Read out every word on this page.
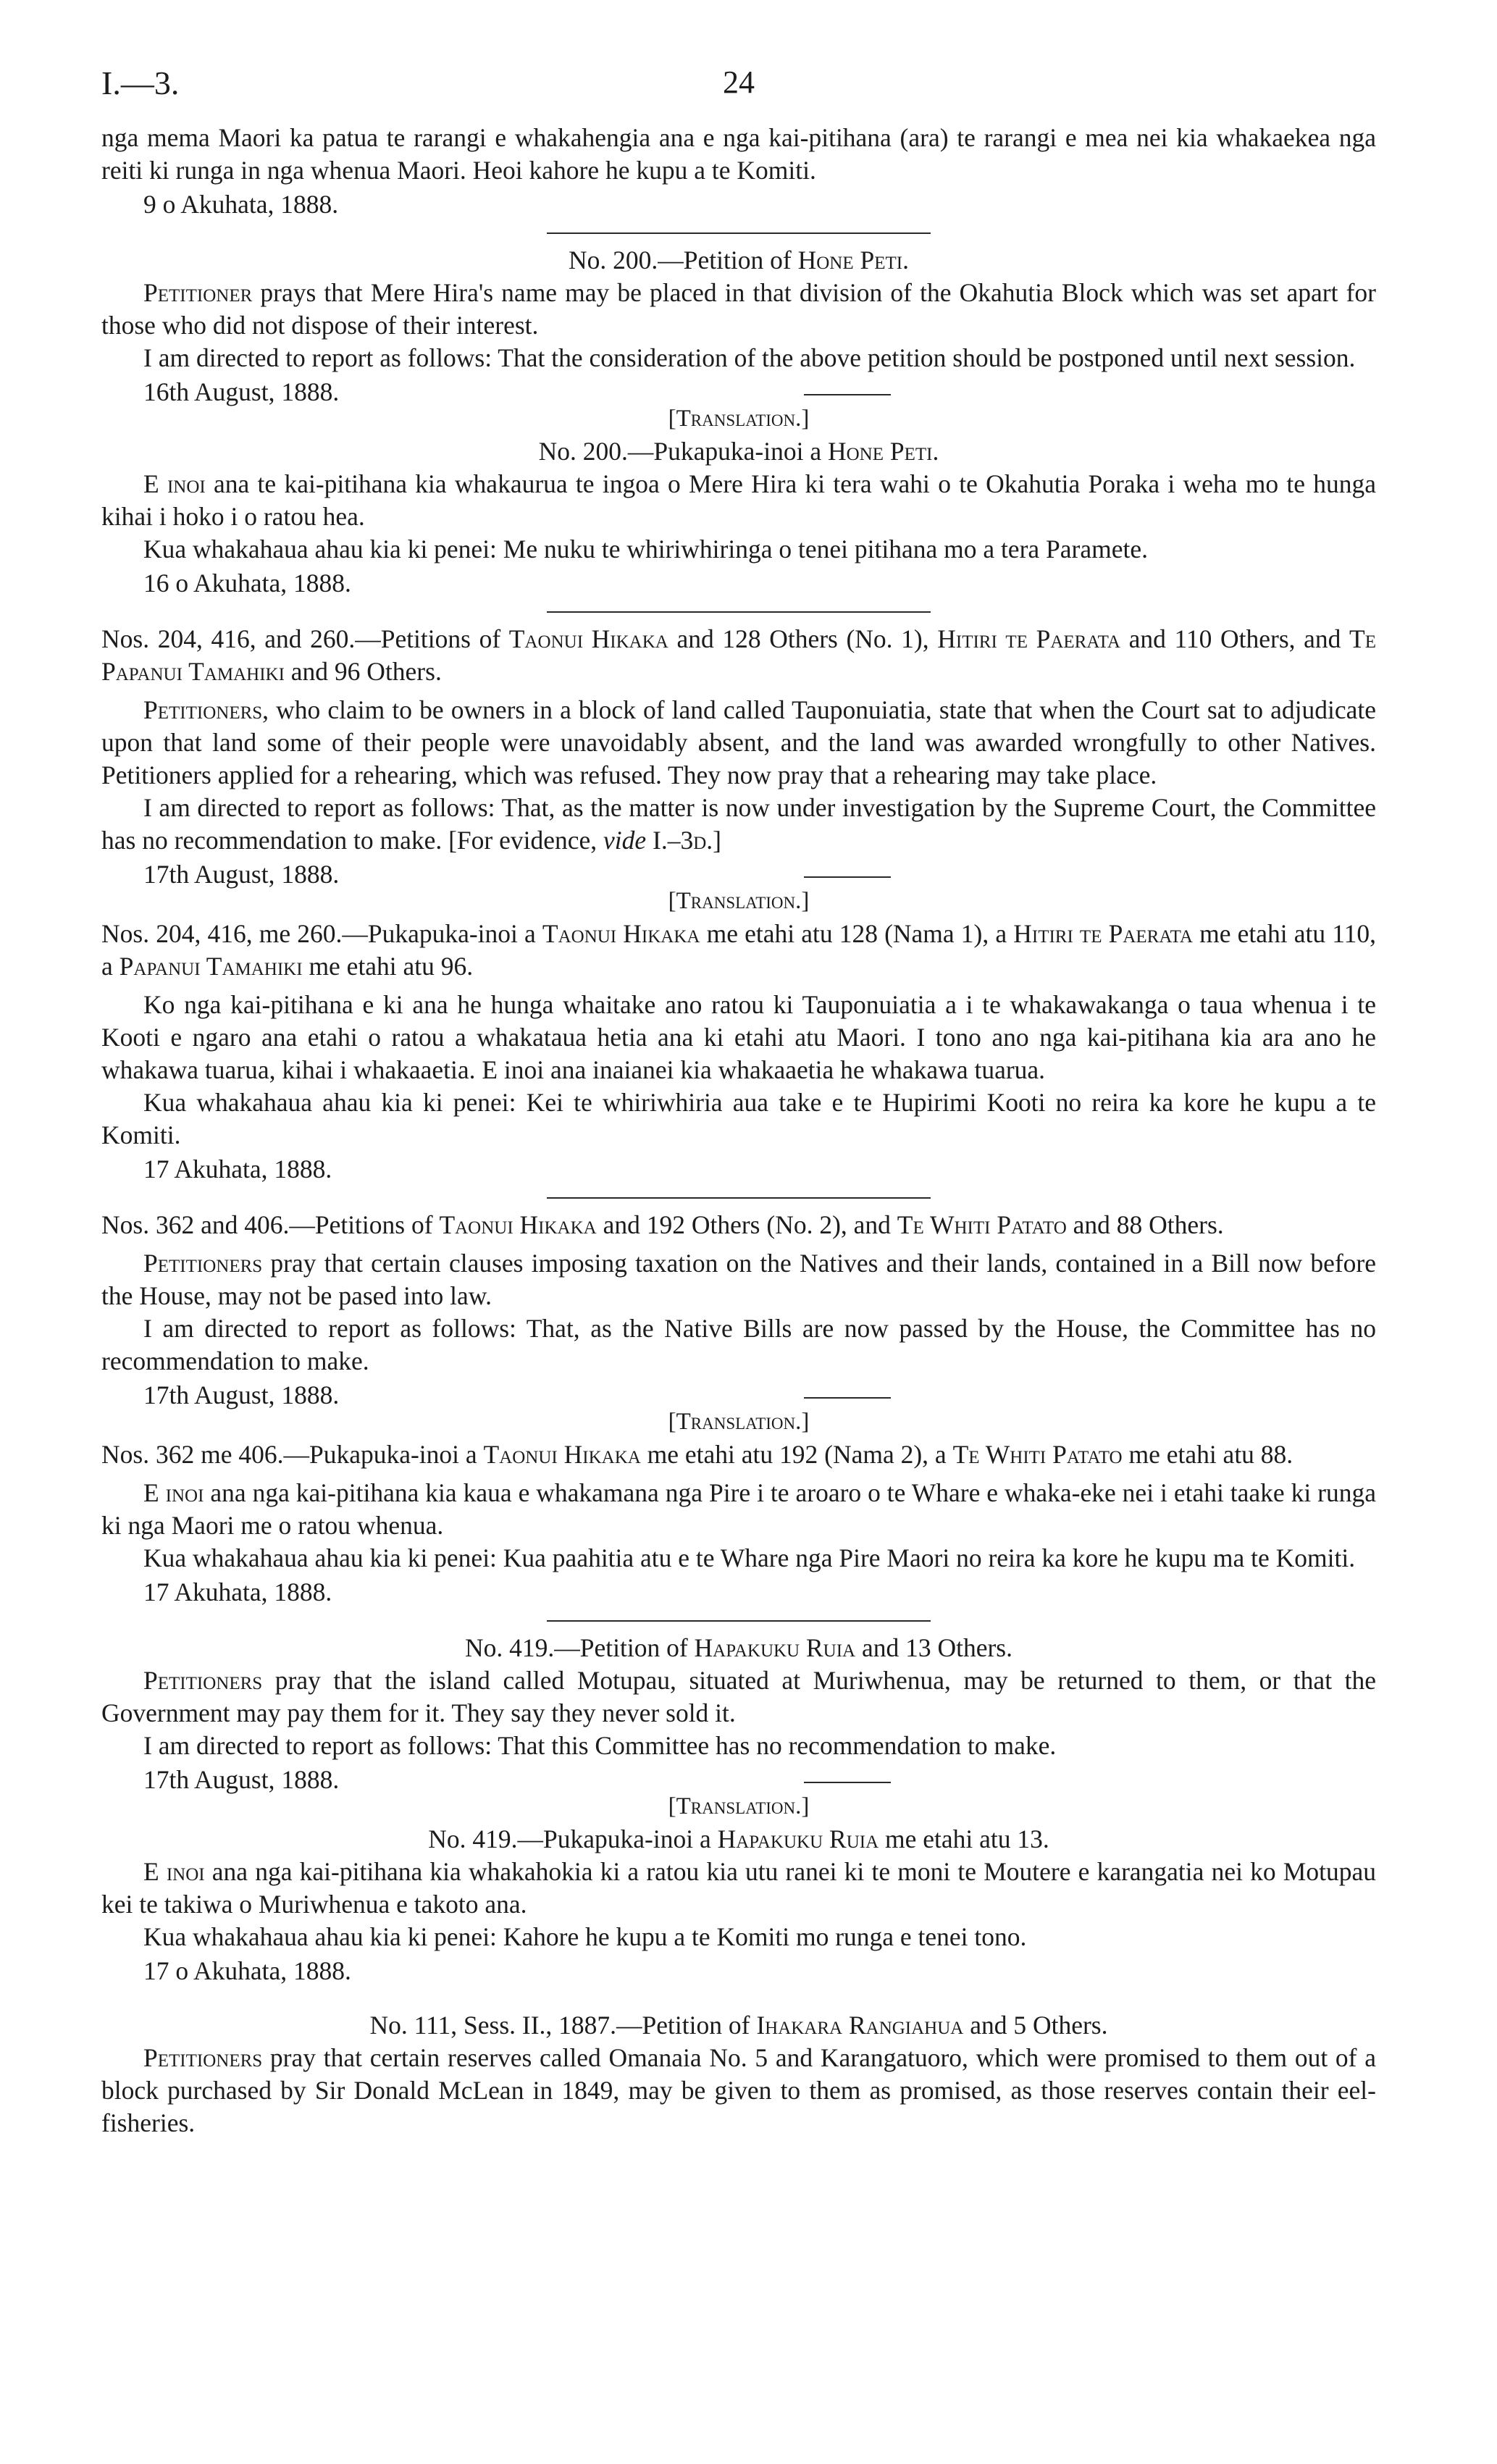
I.—3.	24

nga mema Maori ka patua te rarangi e whakahengia ana e nga kai-pitihana (ara) te rarangi e mea nei kia whakaekea nga reiti ki runga in nga whenua Maori. Heoi kahore he kupu a te Komiti.

9 o Akuhata, 1888.

No. 200.—Petition of Hone Peti.

Petitioner prays that Mere Hira's name may be placed in that division of the Okahutia Block which was set apart for those who did not dispose of their interest.

I am directed to report as follows: That the consideration of the above petition should be postponed until next session.

16th August, 1888.

[Translation.]
No. 200.—Pukapuka-inoi a Hone Peti.

E inoi ana te kai-pitihana kia whakaurua te ingoa o Mere Hira ki tera wahi o te Okahutia Poraka i weha mo te hunga kihai i hoko i o ratou hea.

Kua whakahaua ahau kia ki penei: Me nuku te whiriwhiringa o tenei pitihana mo a tera Paramete.

16 o Akuhata, 1888.

Nos. 204, 416, and 260.—Petitions of Taonui Hikaka and 128 Others (No. 1), Hitiri te Paerata and 110 Others, and Te Papanui Tamahiki and 96 Others.

Petitioners, who claim to be owners in a block of land called Tauponuiatia, state that when the Court sat to adjudicate upon that land some of their people were unavoidably absent, and the land was awarded wrongfully to other Natives. Petitioners applied for a rehearing, which was refused. They now pray that a rehearing may take place.

I am directed to report as follows: That, as the matter is now under investigation by the Supreme Court, the Committee has no recommendation to make. [For evidence, vide I.–3d.]

17th August, 1888.

[Translation.]

Nos. 204, 416, me 260.—Pukapuka-inoi a Taonui Hikaka me etahi atu 128 (Nama 1), a Hitiri te Paerata me etahi atu 110, a Papanui Tamahiki me etahi atu 96.

Ko nga kai-pitihana e ki ana he hunga whaitake ano ratou ki Tauponuiatia a i te whakawakanga o taua whenua i te Kooti e ngaro ana etahi o ratou a whakataua hetia ana ki etahi atu Maori. I tono ano nga kai-pitihana kia ara ano he whakawa tuarua, kihai i whakaaetia. E inoi ana inaianei kia whakaaetia he whakawa tuarua.

Kua whakahaua ahau kia ki penei: Kei te whiriwhiria aua take e te Hupirimi Kooti no reira ka kore he kupu a te Komiti.

17 Akuhata, 1888.

Nos. 362 and 406.—Petitions of Taonui Hikaka and 192 Others (No. 2), and Te Whiti Patato and 88 Others.

Petitioners pray that certain clauses imposing taxation on the Natives and their lands, contained in a Bill now before the House, may not be pased into law.

I am directed to report as follows: That, as the Native Bills are now passed by the House, the Committee has no recommendation to make.

17th August, 1888.

[Translation.]

Nos. 362 me 406.—Pukapuka-inoi a Taonui Hikaka me etahi atu 192 (Nama 2), a Te Whiti Patato me etahi atu 88.

E inoi ana nga kai-pitihana kia kaua e whakamana nga Pire i te aroaro o te Whare e whaka-eke nei i etahi taake ki runga ki nga Maori me o ratou whenua.

Kua whakahaua ahau kia ki penei: Kua paahitia atu e te Whare nga Pire Maori no reira ka kore he kupu ma te Komiti.

17 Akuhata, 1888.

No. 419.—Petition of Hapakuku Ruia and 13 Others.

Petitioners pray that the island called Motupau, situated at Muriwhenua, may be returned to them, or that the Government may pay them for it. They say they never sold it.

I am directed to report as follows: That this Committee has no recommendation to make.

17th August, 1888.

[Translation.]
No. 419.—Pukapuka-inoi a Hapakuku Ruia me etahi atu 13.

E inoi ana nga kai-pitihana kia whakahokia ki a ratou kia utu ranei ki te moni te Moutere e karangatia nei ko Motupau kei te takiwa o Muriwhenua e takoto ana.

Kua whakahaua ahau kia ki penei: Kahore he kupu a te Komiti mo runga e tenei tono.

17 o Akuhata, 1888.

No. 111, Sess. II., 1887.—Petition of Ihakara Rangiahua and 5 Others.

Petitioners pray that certain reserves called Omanaia No. 5 and Karangatuoro, which were promised to them out of a block purchased by Sir Donald McLean in 1849, may be given to them as promised, as those reserves contain their eel-fisheries.
